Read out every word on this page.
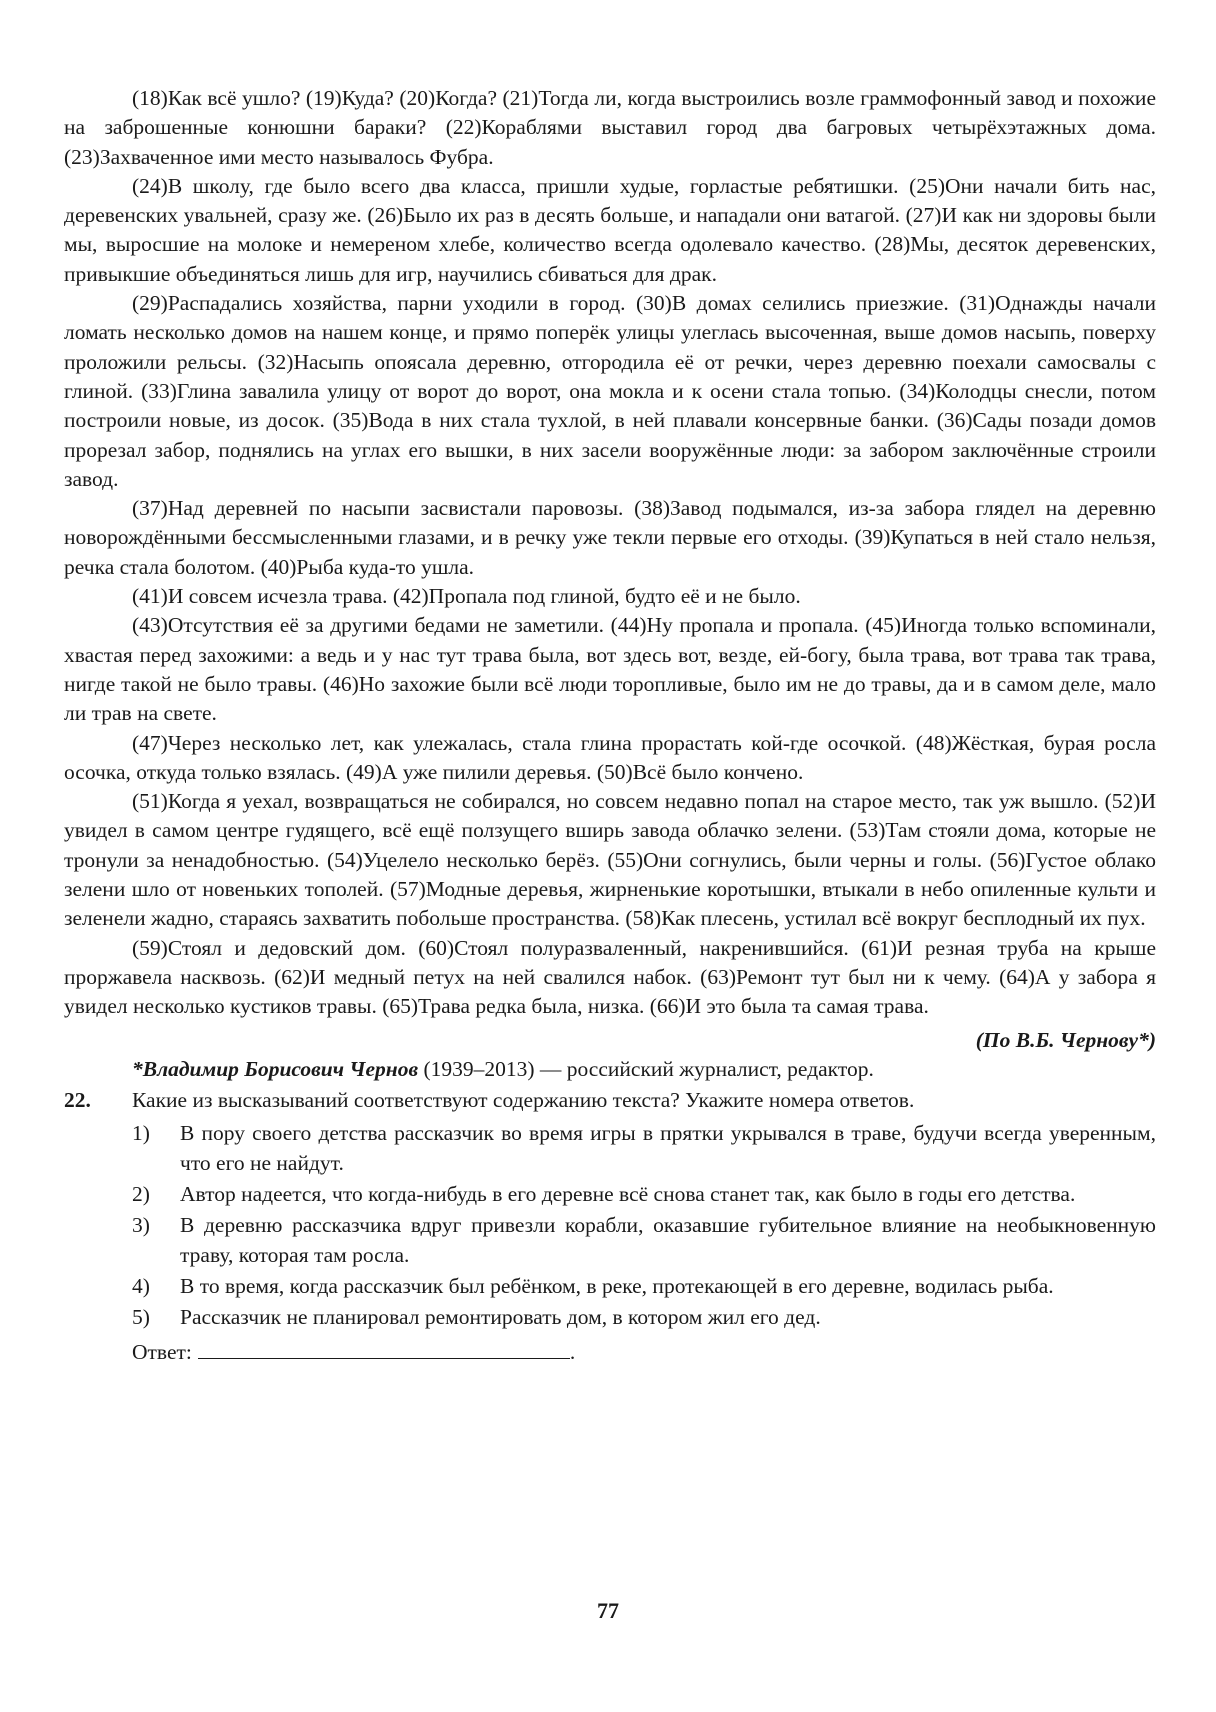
(18)Как всё ушло? (19)Куда? (20)Когда? (21)Тогда ли, когда выстроились возле граммофонный завод и похожие на заброшенные конюшни бараки? (22)Кораблями выставил город два багровых четырёхэтажных дома. (23)Захваченное ими место называлось Фубра.

(24)В школу, где было всего два класса, пришли худые, горластые ребятишки. (25)Они начали бить нас, деревенских увальней, сразу же. (26)Было их раз в десять больше, и нападали они ватагой. (27)И как ни здоровы были мы, выросшие на молоке и немереном хлебе, количество всегда одолевало качество. (28)Мы, десяток деревенских, привыкшие объединяться лишь для игр, научились сбиваться для драк.

(29)Распадались хозяйства, парни уходили в город. (30)В домах селились приезжие. (31)Однажды начали ломать несколько домов на нашем конце, и прямо поперёк улицы улеглась высоченная, выше домов насыпь, поверху проложили рельсы. (32)Насыпь опоясала деревню, отгородила её от речки, через деревню поехали самосвалы с глиной. (33)Глина завалила улицу от ворот до ворот, она мокла и к осени стала топью. (34)Колодцы снесли, потом построили новые, из досок. (35)Вода в них стала тухлой, в ней плавали консервные банки. (36)Сады позади домов прорезал забор, поднялись на углах его вышки, в них засели вооружённые люди: за забором заключённые строили завод.

(37)Над деревней по насыпи засвистали паровозы. (38)Завод подымался, из-за забора глядел на деревню новорождёнными бессмысленными глазами, и в речку уже текли первые его отходы. (39)Купаться в ней стало нельзя, речка стала болотом. (40)Рыба куда-то ушла.

(41)И совсем исчезла трава. (42)Пропала под глиной, будто её и не было.

(43)Отсутствия её за другими бедами не заметили. (44)Ну пропала и пропала. (45)Иногда только вспоминали, хвастая перед захожими: а ведь и у нас тут трава была, вот здесь вот, везде, ей-богу, была трава, вот трава так трава, нигде такой не было травы. (46)Но захожие были всё люди торопливые, было им не до травы, да и в самом деле, мало ли трав на свете.

(47)Через несколько лет, как улежалась, стала глина прорастать кой-где осочкой. (48)Жёсткая, бурая росла осочка, откуда только взялась. (49)А уже пилили деревья. (50)Всё было кончено.

(51)Когда я уехал, возвращаться не собирался, но совсем недавно попал на старое место, так уж вышло. (52)И увидел в самом центре гудящего, всё ещё ползущего вширь завода облачко зелени. (53)Там стояли дома, которые не тронули за ненадобностью. (54)Уцелело несколько берёз. (55)Они согнулись, были черны и голы. (56)Густое облако зелени шло от новеньких тополей. (57)Модные деревья, жирненькие коротышки, втыкали в небо опиленные культи и зеленели жадно, стараясь захватить побольше пространства. (58)Как плесень, устилал всё вокруг бесплодный их пух.

(59)Стоял и дедовский дом. (60)Стоял полуразваленный, накренившийся. (61)И резная труба на крыше проржавела насквозь. (62)И медный петух на ней свалился набок. (63)Ремонт тут был ни к чему. (64)А у забора я увидел несколько кустиков травы. (65)Трава редка была, низка. (66)И это была та самая трава.

(По В.Б. Чернову*)

*Владимир Борисович Чернов (1939–2013) — российский журналист, редактор.

22.	Какие из высказываний соответствуют содержанию текста? Укажите номера ответов.

1) В пору своего детства рассказчик во время игры в прятки укрывался в траве, будучи всегда уверенным, что его не найдут.
2) Автор надеется, что когда-нибудь в его деревне всё снова станет так, как было в годы его детства.
3) В деревню рассказчика вдруг привезли корабли, оказавшие губительное влияние на необыкновенную траву, которая там росла.
4) В то время, когда рассказчик был ребёнком, в реке, протекающей в его деревне, водилась рыба.
5) Рассказчик не планировал ремонтировать дом, в котором жил его дед.

Ответ:	.

77
